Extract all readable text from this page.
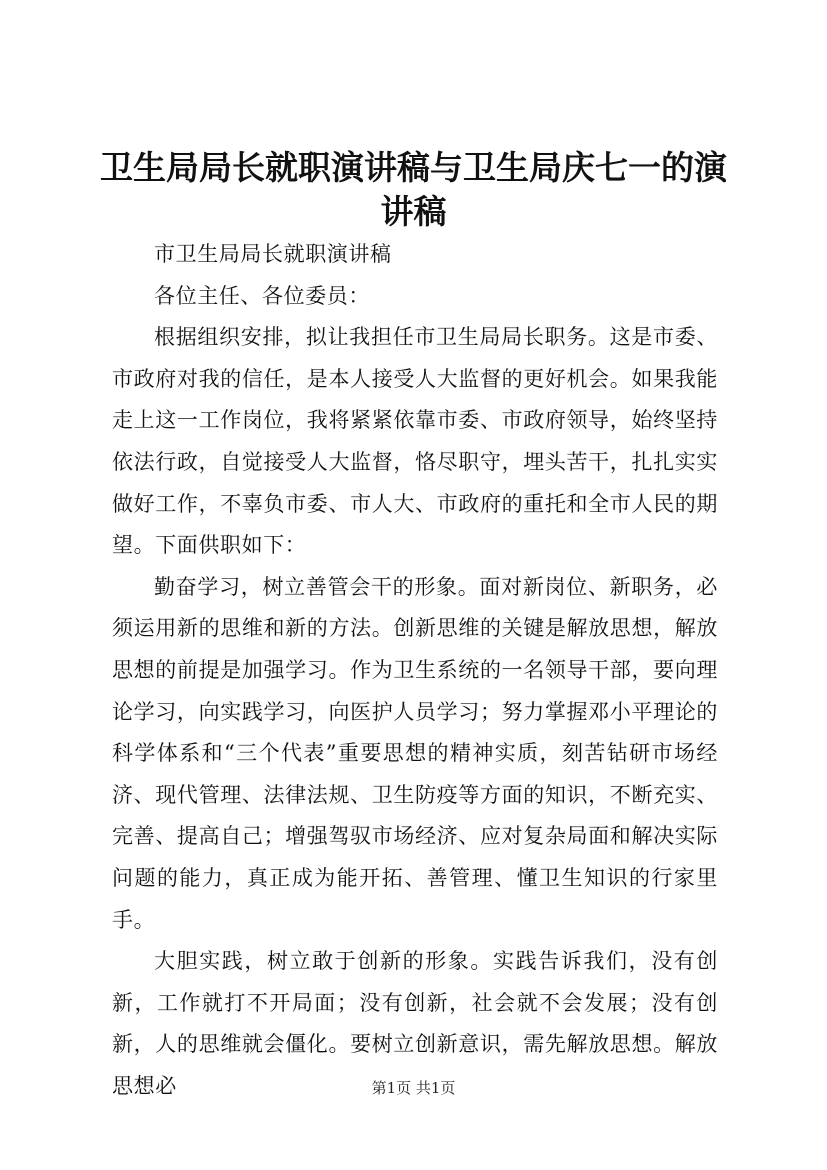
卫生局局长就职演讲稿与卫生局庆七一的演讲稿

市卫生局局长就职演讲稿

各位主任、各位委员：

根据组织安排，拟让我担任市卫生局局长职务。这是市委、市政府对我的信任，是本人接受人大监督的更好机会。如果我能走上这一工作岗位，我将紧紧依靠市委、市政府领导，始终坚持依法行政，自觉接受人大监督，恪尽职守，埋头苦干，扎扎实实做好工作，不辜负市委、市人大、市政府的重托和全市人民的期望。下面供职如下：

勤奋学习，树立善管会干的形象。面对新岗位、新职务，必须运用新的思维和新的方法。创新思维的关键是解放思想，解放思想的前提是加强学习。作为卫生系统的一名领导干部，要向理论学习，向实践学习，向医护人员学习；努力掌握邓小平理论的科学体系和“三个代表”重要思想的精神实质，刻苦钻研市场经济、现代管理、法律法规、卫生防疫等方面的知识，不断充实、完善、提高自己；增强驾驭市场经济、应对复杂局面和解决实际问题的能力，真正成为能开拓、善管理、懂卫生知识的行家里手。

大胆实践，树立敢于创新的形象。实践告诉我们，没有创新，工作就打不开局面；没有创新，社会就不会发展；没有创新，人的思维就会僵化。要树立创新意识，需先解放思想。解放思想必	第1页 共1页
